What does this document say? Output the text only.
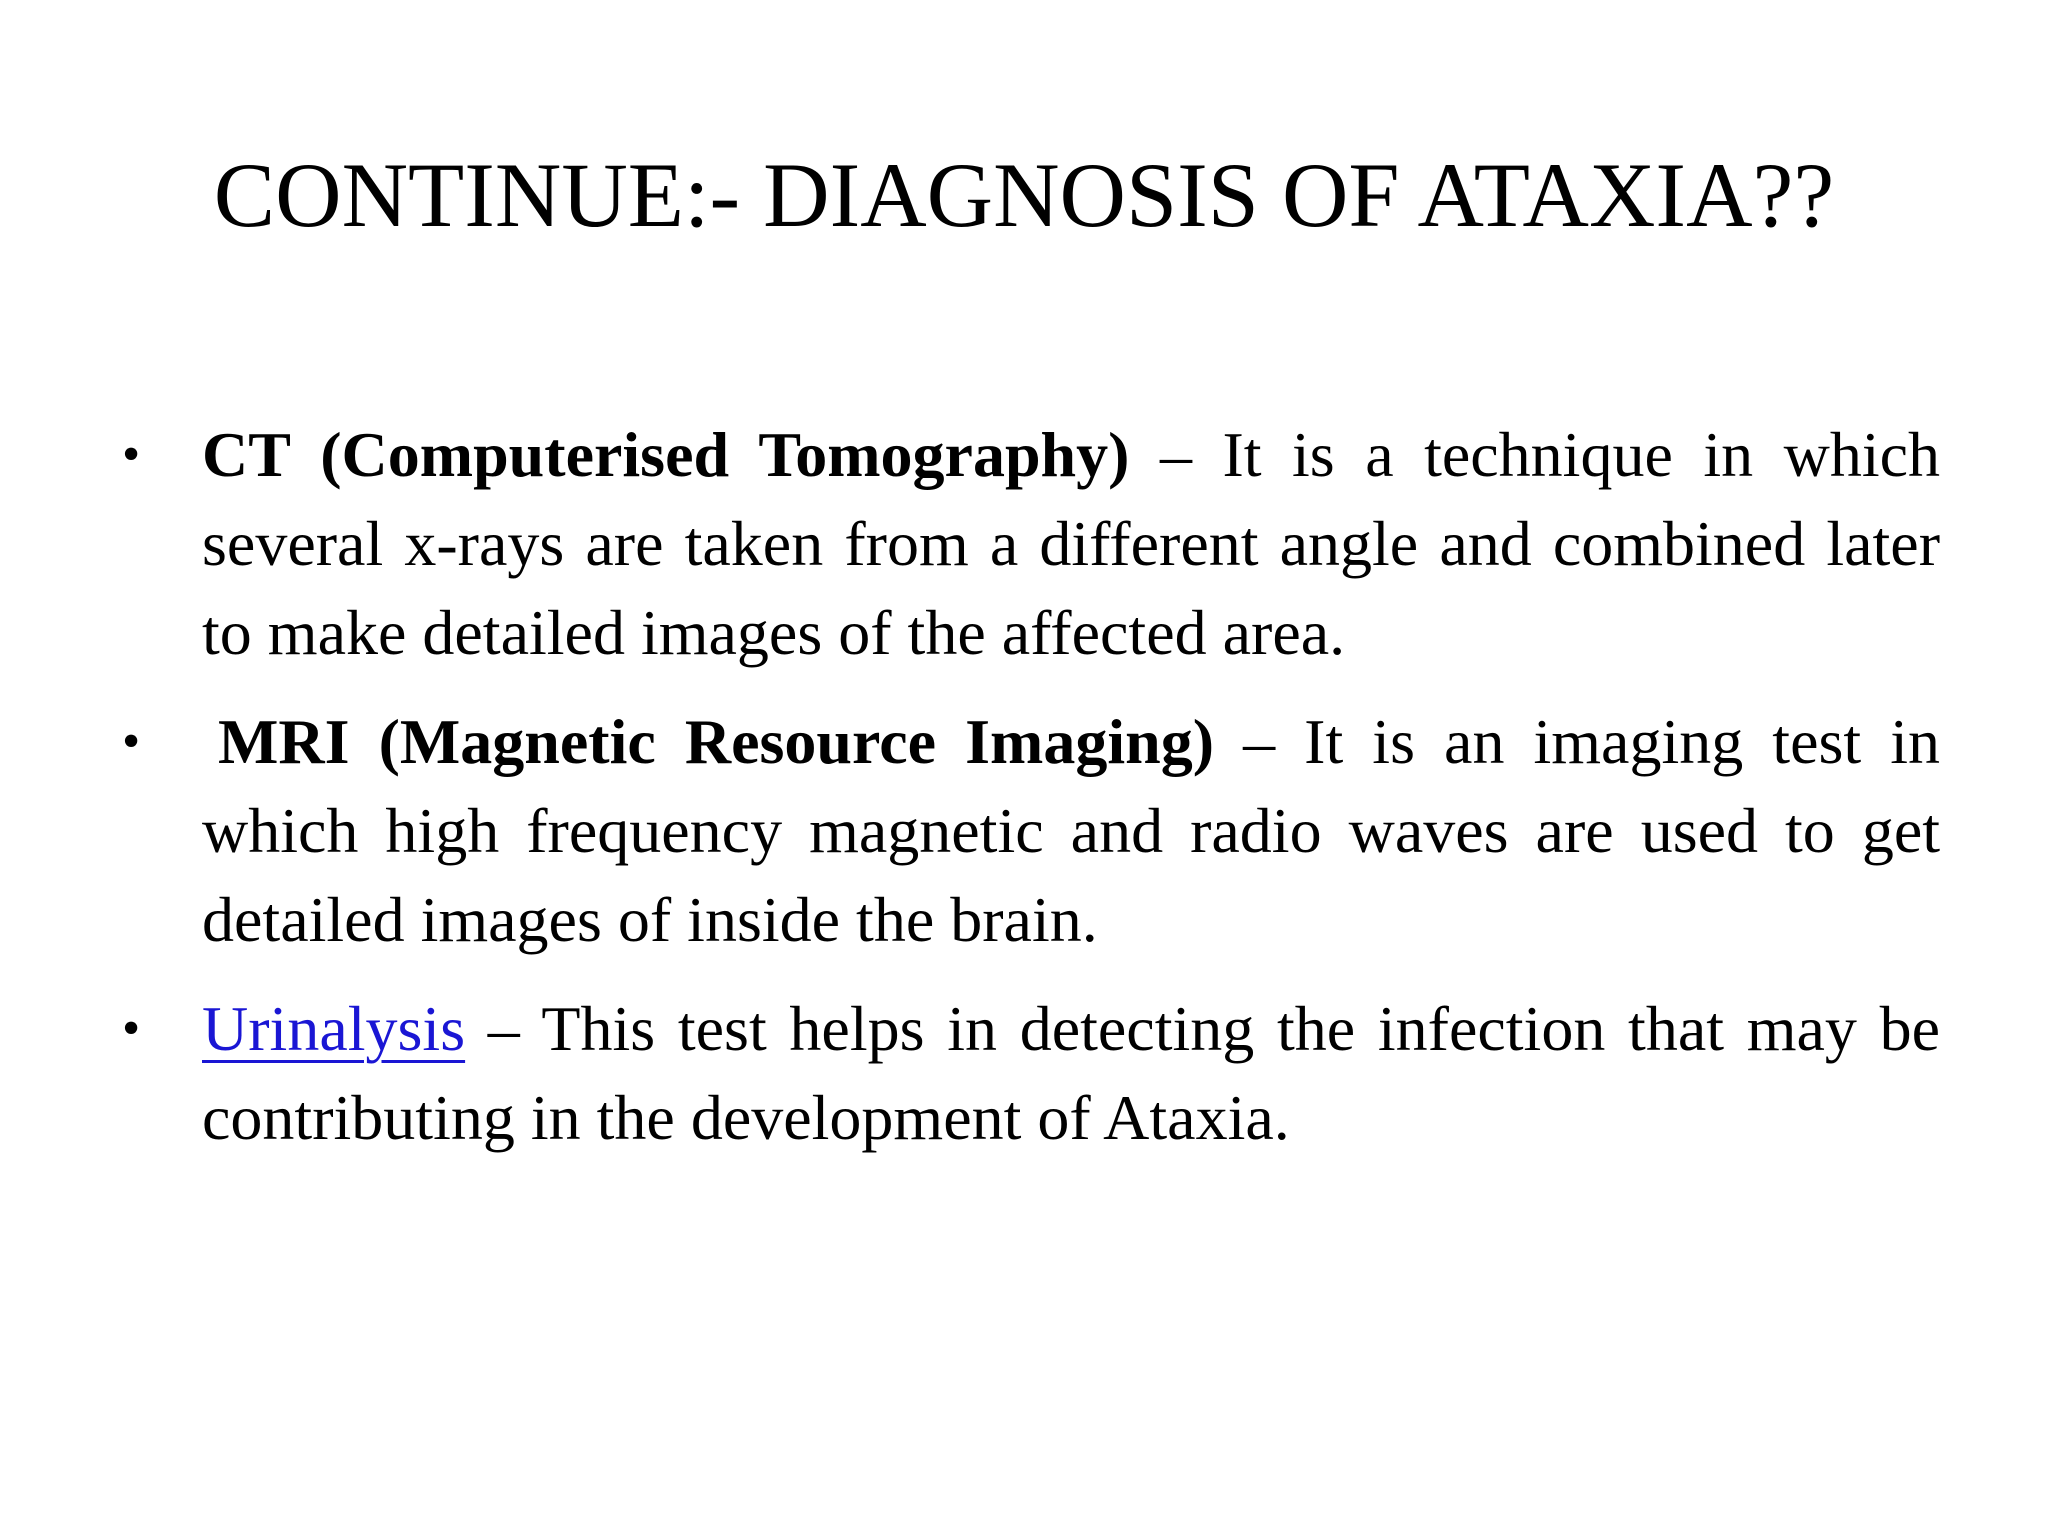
CONTINUE:- DIAGNOSIS OF ATAXIA??
• CT (Computerised Tomography) – It is a technique in which several x-rays are taken from a different angle and combined later to make detailed images of the affected area.
• MRI (Magnetic Resource Imaging) – It is an imaging test in which high frequency magnetic and radio waves are used to get detailed images of inside the brain.
• Urinalysis – This test helps in detecting the infection that may be contributing in the development of Ataxia.
